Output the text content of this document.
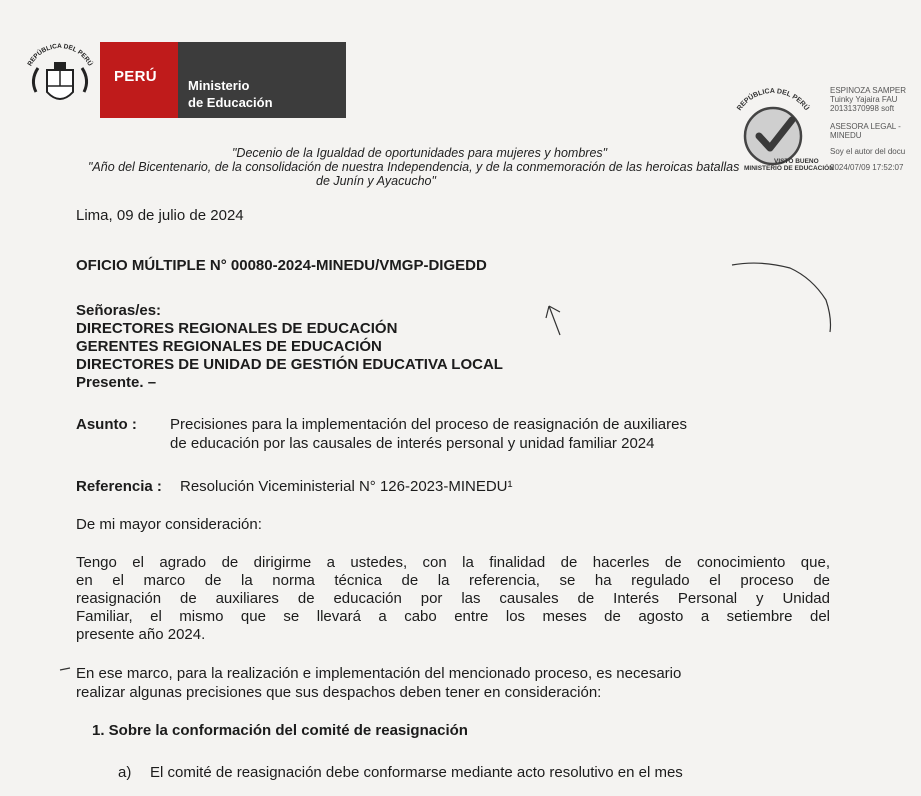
REPÚBLICA DEL PERÚ
PERÚ
Ministerio
de Educación	REPÚBLICA DEL PERÚ
VISTO BUENO
MINISTERIO DE EDUCACIÓN
ESPINOZA SAMPER
Tuinky Yajaira FAU
20131370998 soft
ASESORA LEGAL -
MINEDU
Soy el autor del docu
2024/07/09 17:52:07
"Decenio de la Igualdad de oportunidades para mujeres y hombres"
"Año del Bicentenario, de la consolidación de nuestra Independencia, y de la conmemoración de las heroicas batallas
de Junín y Ayacucho"
Lima, 09 de julio de 2024
OFICIO MÚLTIPLE N° 00080-2024-MINEDU/VMGP-DIGEDD
Señoras/es:
DIRECTORES REGIONALES DE EDUCACIÓN
GERENTES REGIONALES DE EDUCACIÓN
DIRECTORES DE UNIDAD DE GESTIÓN EDUCATIVA LOCAL
Presente. –
Asunto : Precisiones para la implementación del proceso de reasignación de auxiliares
de educación por las causales de interés personal y unidad familiar 2024
Referencia : Resolución Viceministerial N° 126-2023-MINEDU¹
De mi mayor consideración:
Tengo el agrado de dirigirme a ustedes, con la finalidad de hacerles de conocimiento que,
en el marco de la norma técnica de la referencia, se ha regulado el proceso de
reasignación de auxiliares de educación por las causales de Interés Personal y Unidad
Familiar, el mismo que se llevará a cabo entre los meses de agosto a setiembre del
presente año 2024.
En ese marco, para la realización e implementación del mencionado proceso, es necesario
realizar algunas precisiones que sus despachos deben tener en consideración:
1. Sobre la conformación del comité de reasignación
a) El comité de reasignación debe conformarse mediante acto resolutivo en el mes
